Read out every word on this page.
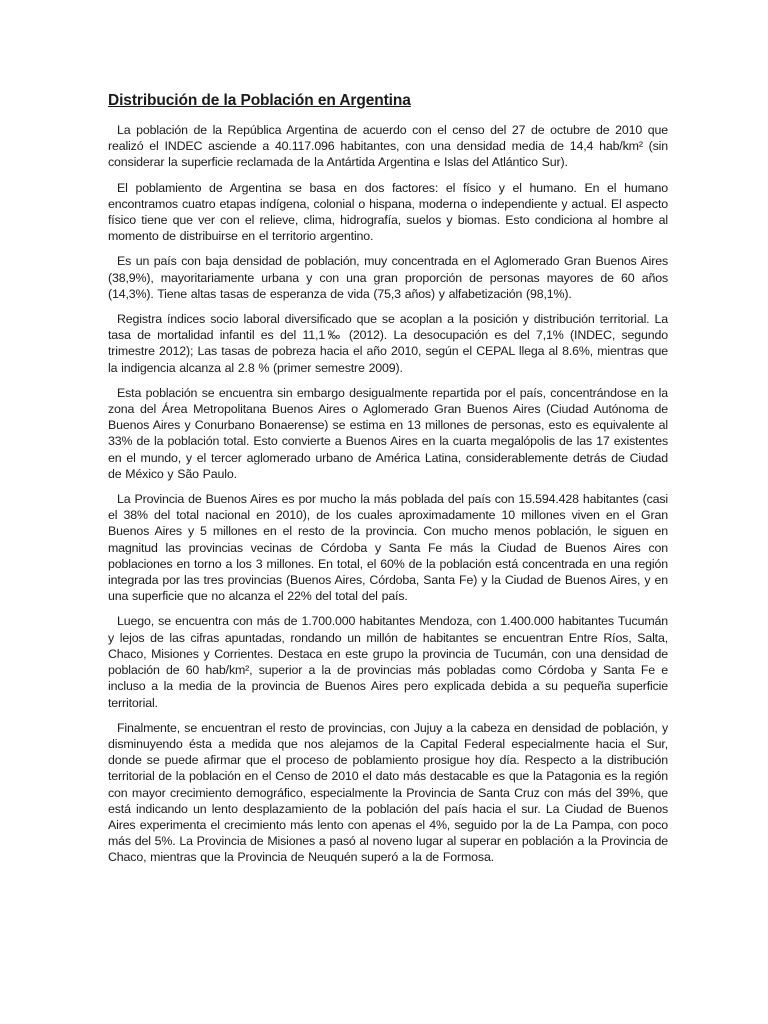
Distribución de la Población en Argentina

La población de la República Argentina de acuerdo con el censo del 27 de octubre de 2010 que realizó el INDEC asciende a 40.117.096 habitantes, con una densidad media de 14,4 hab/km² (sin considerar la superficie reclamada de la Antártida Argentina e Islas del Atlántico Sur).

El poblamiento de Argentina se basa en dos factores: el físico y el humano. En el humano encontramos cuatro etapas indígena, colonial o hispana, moderna o independiente y actual. El aspecto físico tiene que ver con el relieve, clima, hidrografía, suelos y biomas. Esto condiciona al hombre al momento de distribuirse en el territorio argentino.

Es un país con baja densidad de población, muy concentrada en el Aglomerado Gran Buenos Aires (38,9%), mayoritariamente urbana y con una gran proporción de personas mayores de 60 años (14,3%). Tiene altas tasas de esperanza de vida (75,3 años) y alfabetización (98,1%).

Registra índices socio laboral diversificado que se acoplan a la posición y distribución territorial. La tasa de mortalidad infantil es del 11,1‰ (2012). La desocupación es del 7,1% (INDEC, segundo trimestre 2012); Las tasas de pobreza hacia el año 2010, según el CEPAL llega al 8.6%, mientras que la indigencia alcanza al 2.8 % (primer semestre 2009).

Esta población se encuentra sin embargo desigualmente repartida por el país, concentrándose en la zona del Área Metropolitana Buenos Aires o Aglomerado Gran Buenos Aires (Ciudad Autónoma de Buenos Aires y Conurbano Bonaerense) se estima en 13 millones de personas, esto es equivalente al 33% de la población total. Esto convierte a Buenos Aires en la cuarta megalópolis de las 17 existentes en el mundo, y el tercer aglomerado urbano de América Latina, considerablemente detrás de Ciudad de México y São Paulo.

La Provincia de Buenos Aires es por mucho la más poblada del país con 15.594.428 habitantes (casi el 38% del total nacional en 2010), de los cuales aproximadamente 10 millones viven en el Gran Buenos Aires y 5 millones en el resto de la provincia. Con mucho menos población, le siguen en magnitud las provincias vecinas de Córdoba y Santa Fe más la Ciudad de Buenos Aires con poblaciones en torno a los 3 millones. En total, el 60% de la población está concentrada en una región integrada por las tres provincias (Buenos Aires, Córdoba, Santa Fe) y la Ciudad de Buenos Aires, y en una superficie que no alcanza el 22% del total del país.

Luego, se encuentra con más de 1.700.000 habitantes Mendoza, con 1.400.000 habitantes Tucumán y lejos de las cifras apuntadas, rondando un millón de habitantes se encuentran Entre Ríos, Salta, Chaco, Misiones y Corrientes. Destaca en este grupo la provincia de Tucumán, con una densidad de población de 60 hab/km², superior a la de provincias más pobladas como Córdoba y Santa Fe e incluso a la media de la provincia de Buenos Aires pero explicada debida a su pequeña superficie territorial.

Finalmente, se encuentran el resto de provincias, con Jujuy a la cabeza en densidad de población, y disminuyendo ésta a medida que nos alejamos de la Capital Federal especialmente hacia el Sur, donde se puede afirmar que el proceso de poblamiento prosigue hoy día. Respecto a la distribución territorial de la población en el Censo de 2010 el dato más destacable es que la Patagonia es la región con mayor crecimiento demográfico, especialmente la Provincia de Santa Cruz con más del 39%, que está indicando un lento desplazamiento de la población del país hacia el sur. La Ciudad de Buenos Aires experimenta el crecimiento más lento con apenas el 4%, seguido por la de La Pampa, con poco más del 5%. La Provincia de Misiones a pasó al noveno lugar al superar en población a la Provincia de Chaco, mientras que la Provincia de Neuquén superó a la de Formosa.
